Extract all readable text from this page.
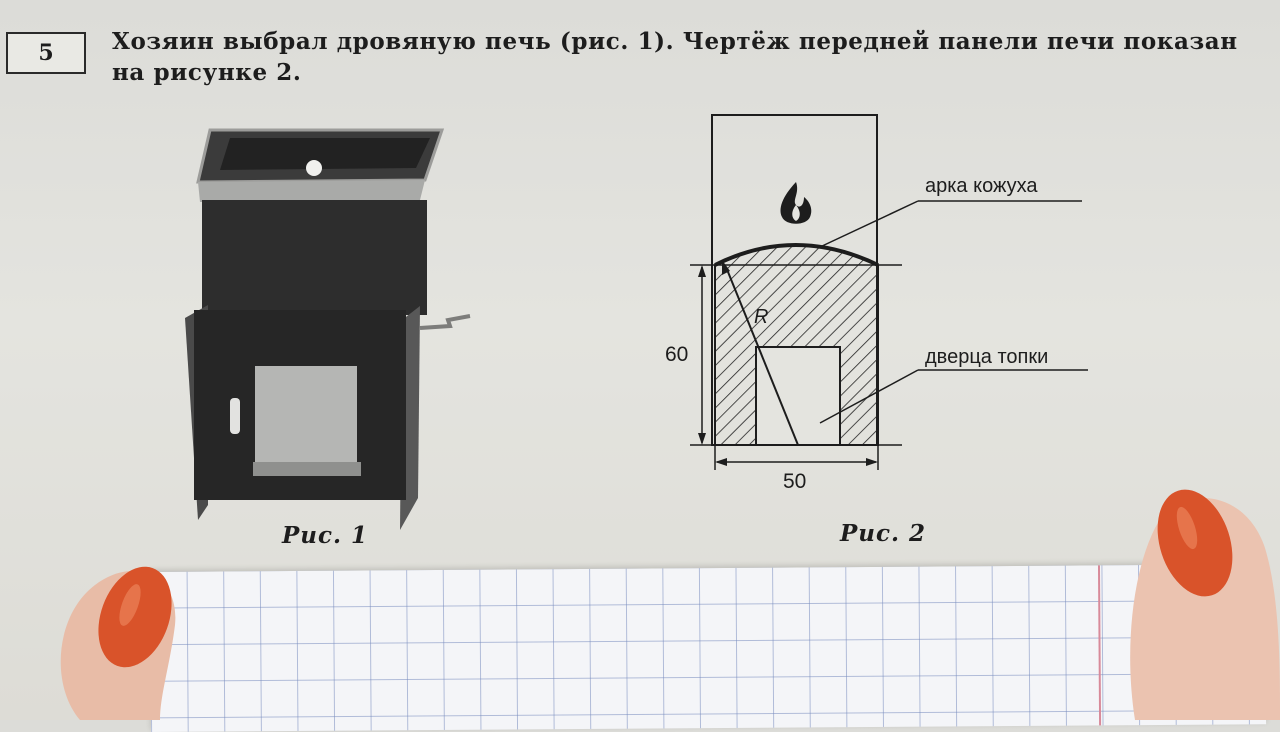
5	Хозяин выбрал дровяную печь (рис. 1). Чертёж передней панели печи показан
на рисунке 2.
Рис. 1
арка кожуха
дверца топки
R
60
50
Рис. 2
